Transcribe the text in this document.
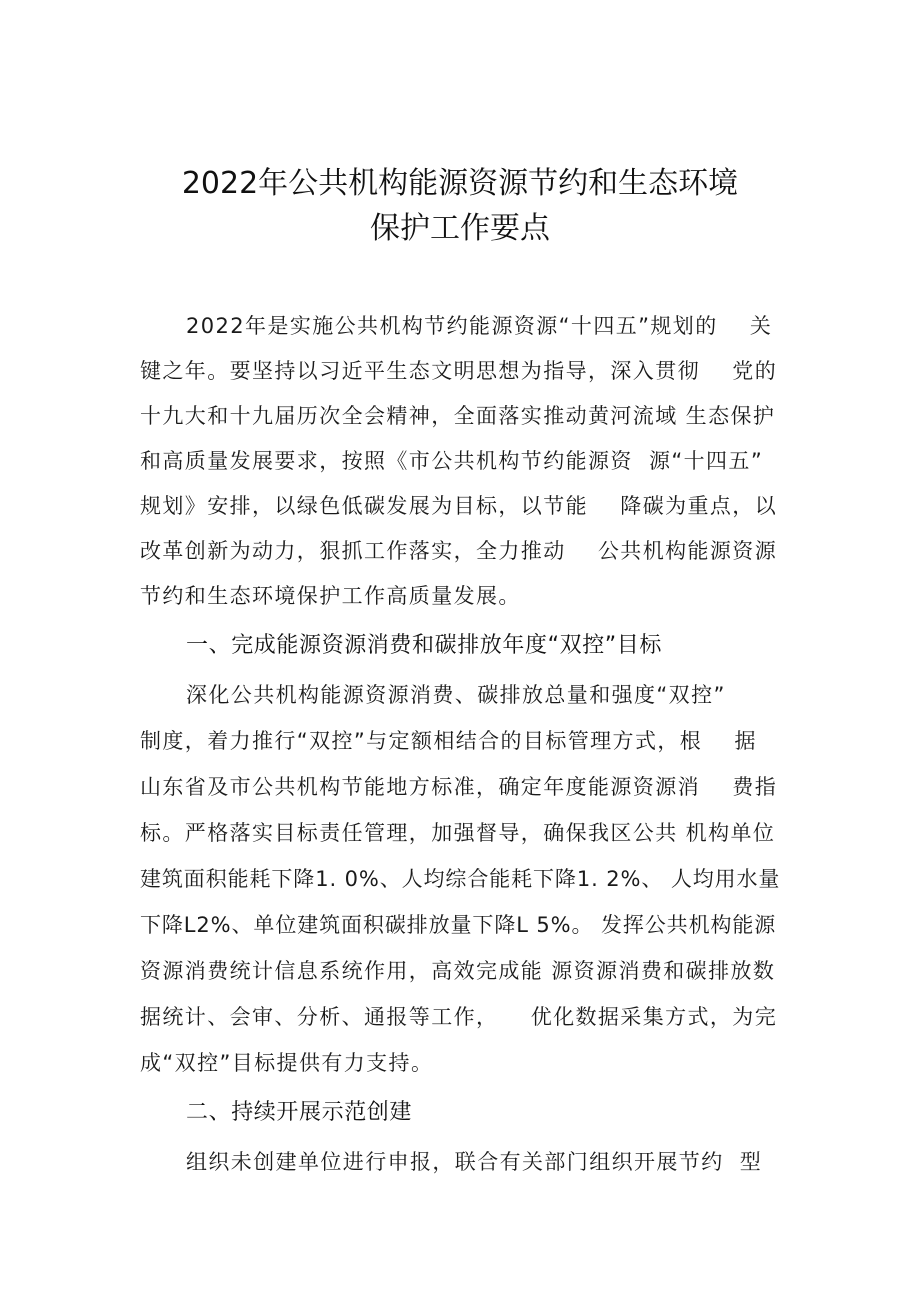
2022年公共机构能源资源节约和生态环境
保护工作要点
2022年是实施公共机构节约能源资源“十四五”规划的    关
键之年。要坚持以习近平生态文明思想为指导，深入贯彻    党的
十九大和十九届历次全会精神，全面落实推动黄河流域 生态保护
和高质量发展要求，按照《市公共机构节约能源资  源“十四五”
规划》安排，以绿色低碳发展为目标，以节能    降碳为重点，以
改革创新为动力，狠抓工作落实，全力推动    公共机构能源资源
节约和生态环境保护工作高质量发展。
一、完成能源资源消费和碳排放年度“双控”目标
深化公共机构能源资源消费、碳排放总量和强度“双控”
制度，着力推行“双控”与定额相结合的目标管理方式，根    据
山东省及市公共机构节能地方标准，确定年度能源资源消    费指
标。严格落实目标责任管理，加强督导，确保我区公共 机构单位
建筑面积能耗下降1. 0%、人均综合能耗下降1. 2%、 人均用水量
下降L2%、单位建筑面积碳排放量下降L 5%。 发挥公共机构能源
资源消费统计信息系统作用，高效完成能 源资源消费和碳排放数
据统计、会审、分析、通报等工作，    优化数据采集方式，为完
成“双控”目标提供有力支持。
二、持续开展示范创建
组织未创建单位进行申报，联合有关部门组织开展节约  型
